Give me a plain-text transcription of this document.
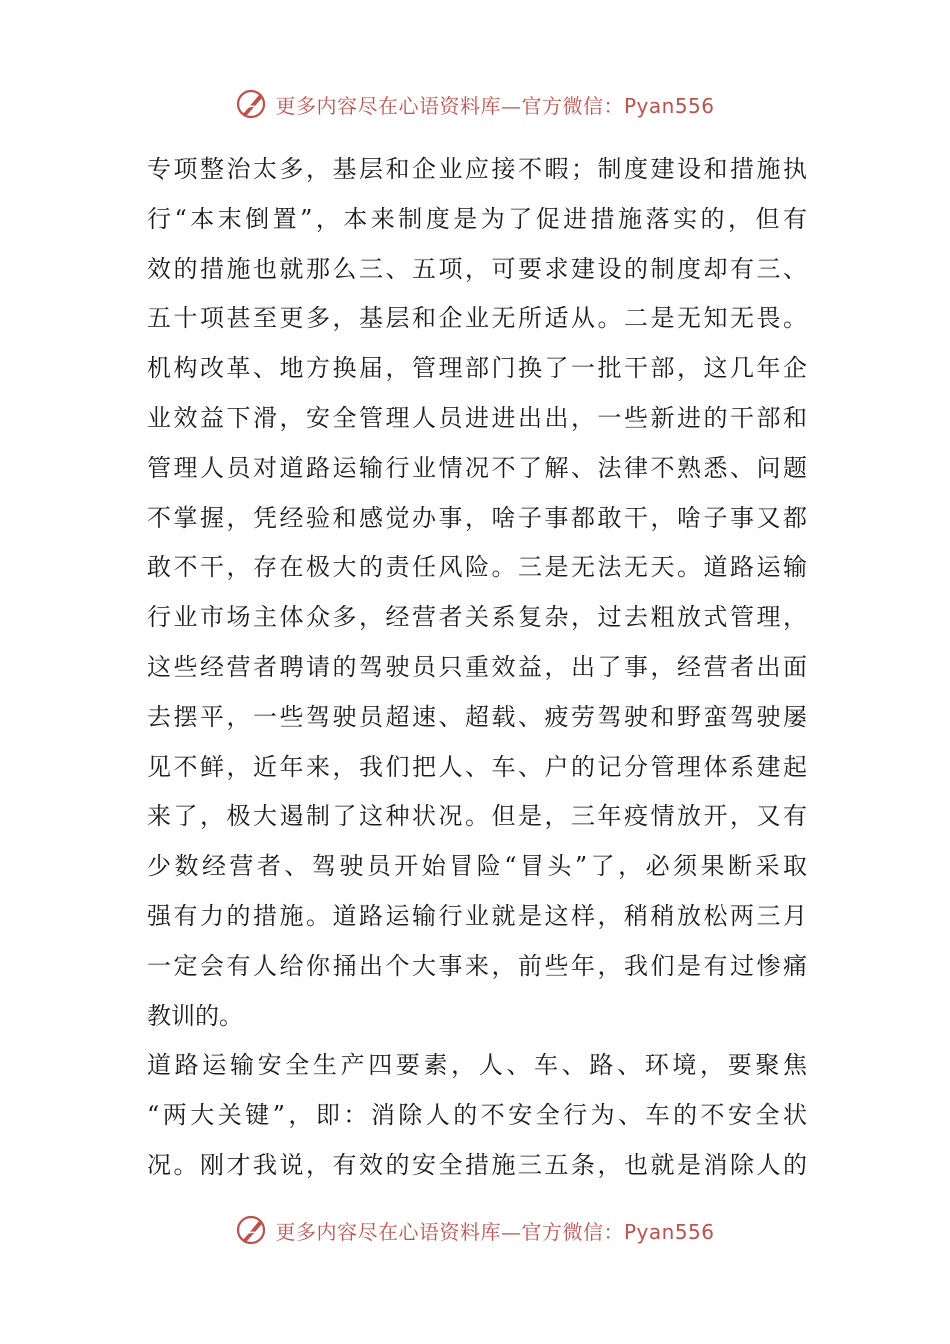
更多内容尽在心语资料库—官方微信：Pyan556
专项整治太多，基层和企业应接不暇；制度建设和措施执
行“本末倒置”，本来制度是为了促进措施落实的，但有
效的措施也就那么三、五项，可要求建设的制度却有三、
五十项甚至更多，基层和企业无所适从。二是无知无畏。
机构改革、地方换届，管理部门换了一批干部，这几年企
业效益下滑，安全管理人员进进出出，一些新进的干部和
管理人员对道路运输行业情况不了解、法律不熟悉、问题
不掌握，凭经验和感觉办事，啥子事都敢干，啥子事又都
敢不干，存在极大的责任风险。三是无法无天。道路运输
行业市场主体众多，经营者关系复杂，过去粗放式管理，
这些经营者聘请的驾驶员只重效益，出了事，经营者出面
去摆平，一些驾驶员超速、超载、疲劳驾驶和野蛮驾驶屡
见不鲜，近年来，我们把人、车、户的记分管理体系建起
来了，极大遏制了这种状况。但是，三年疫情放开，又有
少数经营者、驾驶员开始冒险“冒头”了，必须果断采取
强有力的措施。道路运输行业就是这样，稍稍放松两三月
一定会有人给你捅出个大事来，前些年，我们是有过惨痛
教训的。
道路运输安全生产四要素，人、车、路、环境，要聚焦
“两大关键”，即：消除人的不安全行为、车的不安全状
况。刚才我说，有效的安全措施三五条，也就是消除人的
更多内容尽在心语资料库—官方微信：Pyan556
